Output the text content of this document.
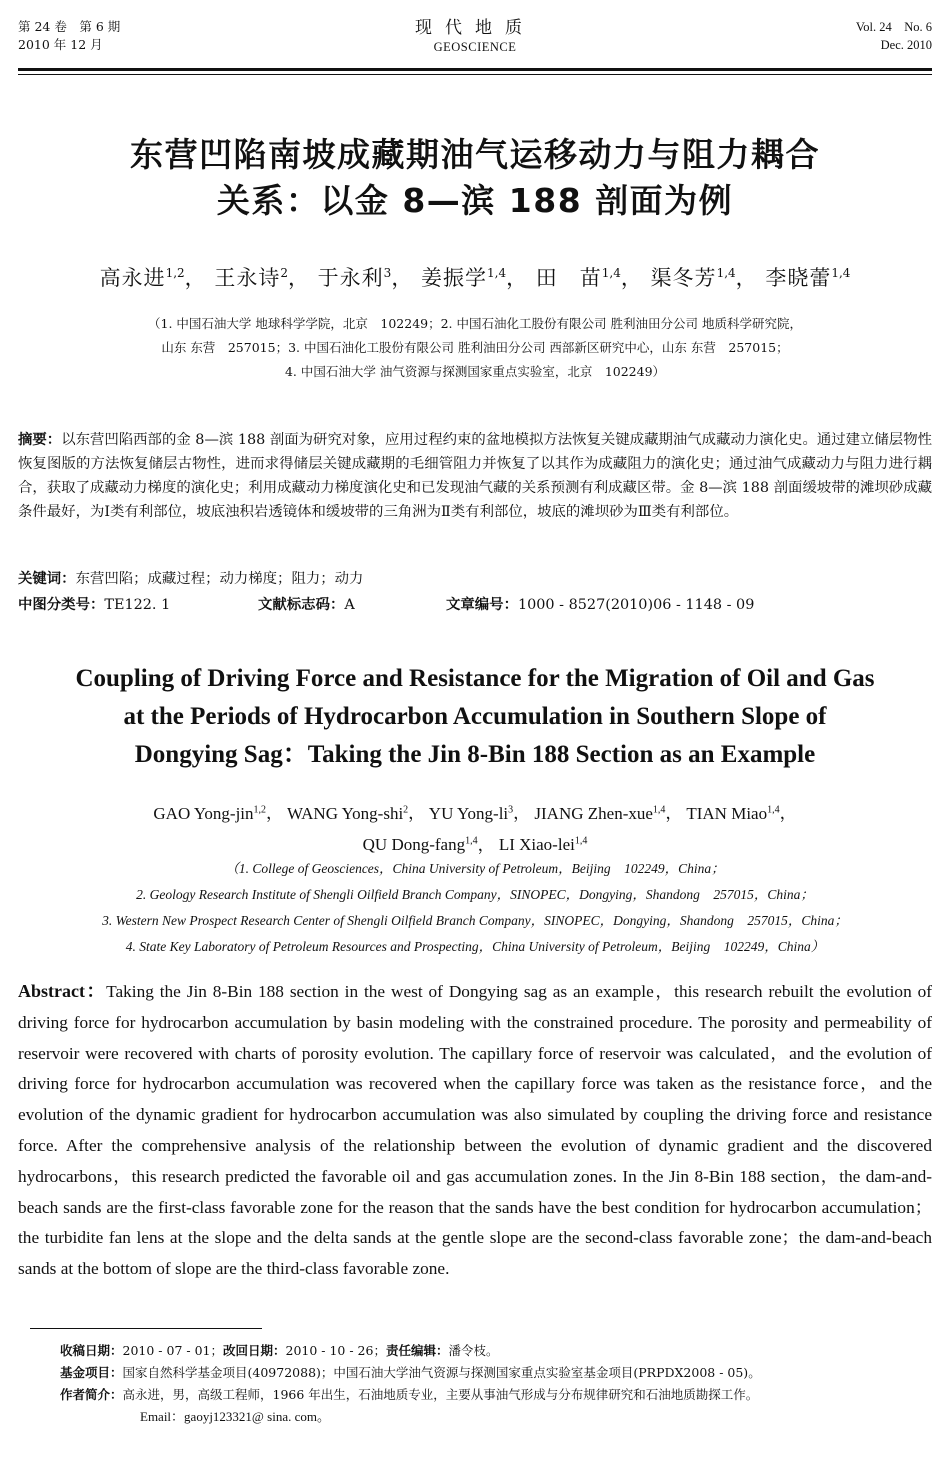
第 24 卷　第 6 期
2010 年 12 月
现代地质
GEOSCIENCE
Vol. 24　No. 6
Dec. 2010
东营凹陷南坡成藏期油气运移动力与阻力耦合
关系：以金 8—滨 188 剖面为例
高永进$^{1,2}$， 王永诗$^2$， 于永利$^3$， 姜振学$^{1,4}$， 田　苗$^{1,4}$， 渠冬芳$^{1,4}$， 李晓蕾$^{1,4}$
（1. 中国石油大学 地球科学学院，北京　102249；2. 中国石油化工股份有限公司 胜利油田分公司 地质科学研究院，
山东 东营　257015；3. 中国石油化工股份有限公司 胜利油田分公司 西部新区研究中心，山东 东营　257015；
4. 中国石油大学 油气资源与探测国家重点实验室，北京　102249）
摘要：以东营凹陷西部的金 8—滨 188 剖面为研究对象，应用过程约束的盆地模拟方法恢复关键成藏期油气成藏动力演化史。通过建立储层物性恢复图版的方法恢复储层古物性，进而求得储层关键成藏期的毛细管阻力并恢复了以其作为成藏阻力的演化史；通过油气成藏动力与阻力进行耦合，获取了成藏动力梯度的演化史；利用成藏动力梯度演化史和已发现油气藏的关系预测有利成藏区带。金 8—滨 188 剖面缓坡带的滩坝砂成藏条件最好，为Ⅰ类有利部位，坡底浊积岩透镜体和缓坡带的三角洲为Ⅱ类有利部位，坡底的滩坝砂为Ⅲ类有利部位。
关键词：东营凹陷；成藏过程；动力梯度；阻力；动力
中图分类号：TE122. 1	文献标志码：A	文章编号：1000 - 8527(2010)06 - 1148 - 09
Coupling of Driving Force and Resistance for the Migration of Oil and Gas
at the Periods of Hydrocarbon Accumulation in Southern Slope of
Dongying Sag：Taking the Jin 8-Bin 188 Section as an Example
GAO Yong-jin$^{1,2}$， WANG Yong-shi$^2$， YU Yong-$li^3$， JIANG Zhen-xue$^{1,4}$， TIAN Miao$^{1,4}$，
QU Dong-fang$^{1,4}$， LI Xiao-lei$^{1,4}$
（1. College of Geosciences，China University of Petroleum，Beijing　102249，China；
2. Geology Research Institute of Shengli Oilfield Branch Company，SINOPEC，Dongying，Shandong　257015，China；
3. Western New Prospect Research Center of Shengli Oilfield Branch Company，SINOPEC，Dongying，Shandong　257015，China；
4. State Key Laboratory of Petroleum Resources and Prospecting，China University of Petroleum，Beijing　102249，China）
Abstract：Taking the Jin 8-Bin 188 section in the west of Dongying sag as an example，this research rebuilt the evolution of driving force for hydrocarbon accumulation by basin modeling with the constrained procedure. The porosity and permeability of reservoir were recovered with charts of porosity evolution. The capillary force of reservoir was calculated，and the evolution of driving force for hydrocarbon accumulation was recovered when the capillary force was taken as the resistance force，and the evolution of the dynamic gradient for hydrocarbon accumulation was also simulated by coupling the driving force and resistance force. After the comprehensive analysis of the relationship between the evolution of dynamic gradient and the discovered hydrocarbons，this research predicted the favorable oil and gas accumulation zones. In the Jin 8-Bin 188 section，the dam-and-beach sands are the first-class favorable zone for the reason that the sands have the best condition for hydrocarbon accumulation；the turbidite fan lens at the slope and the delta sands at the gentle slope are the second-class favorable zone；the dam-and-beach sands at the bottom of slope are the third-class favorable zone.
收稿日期：2010 - 07 - 01；改回日期：2010 - 10 - 26；责任编辑：潘令枝。
基金项目：国家自然科学基金项目(40972088)；中国石油大学油气资源与探测国家重点实验室基金项目(PRPDX2008 - 05)。
作者简介：高永进，男，高级工程师，1966 年出生，石油地质专业，主要从事油气形成与分布规律研究和石油地质勘探工作。
Email：gaoyj123321@ sina. com。
